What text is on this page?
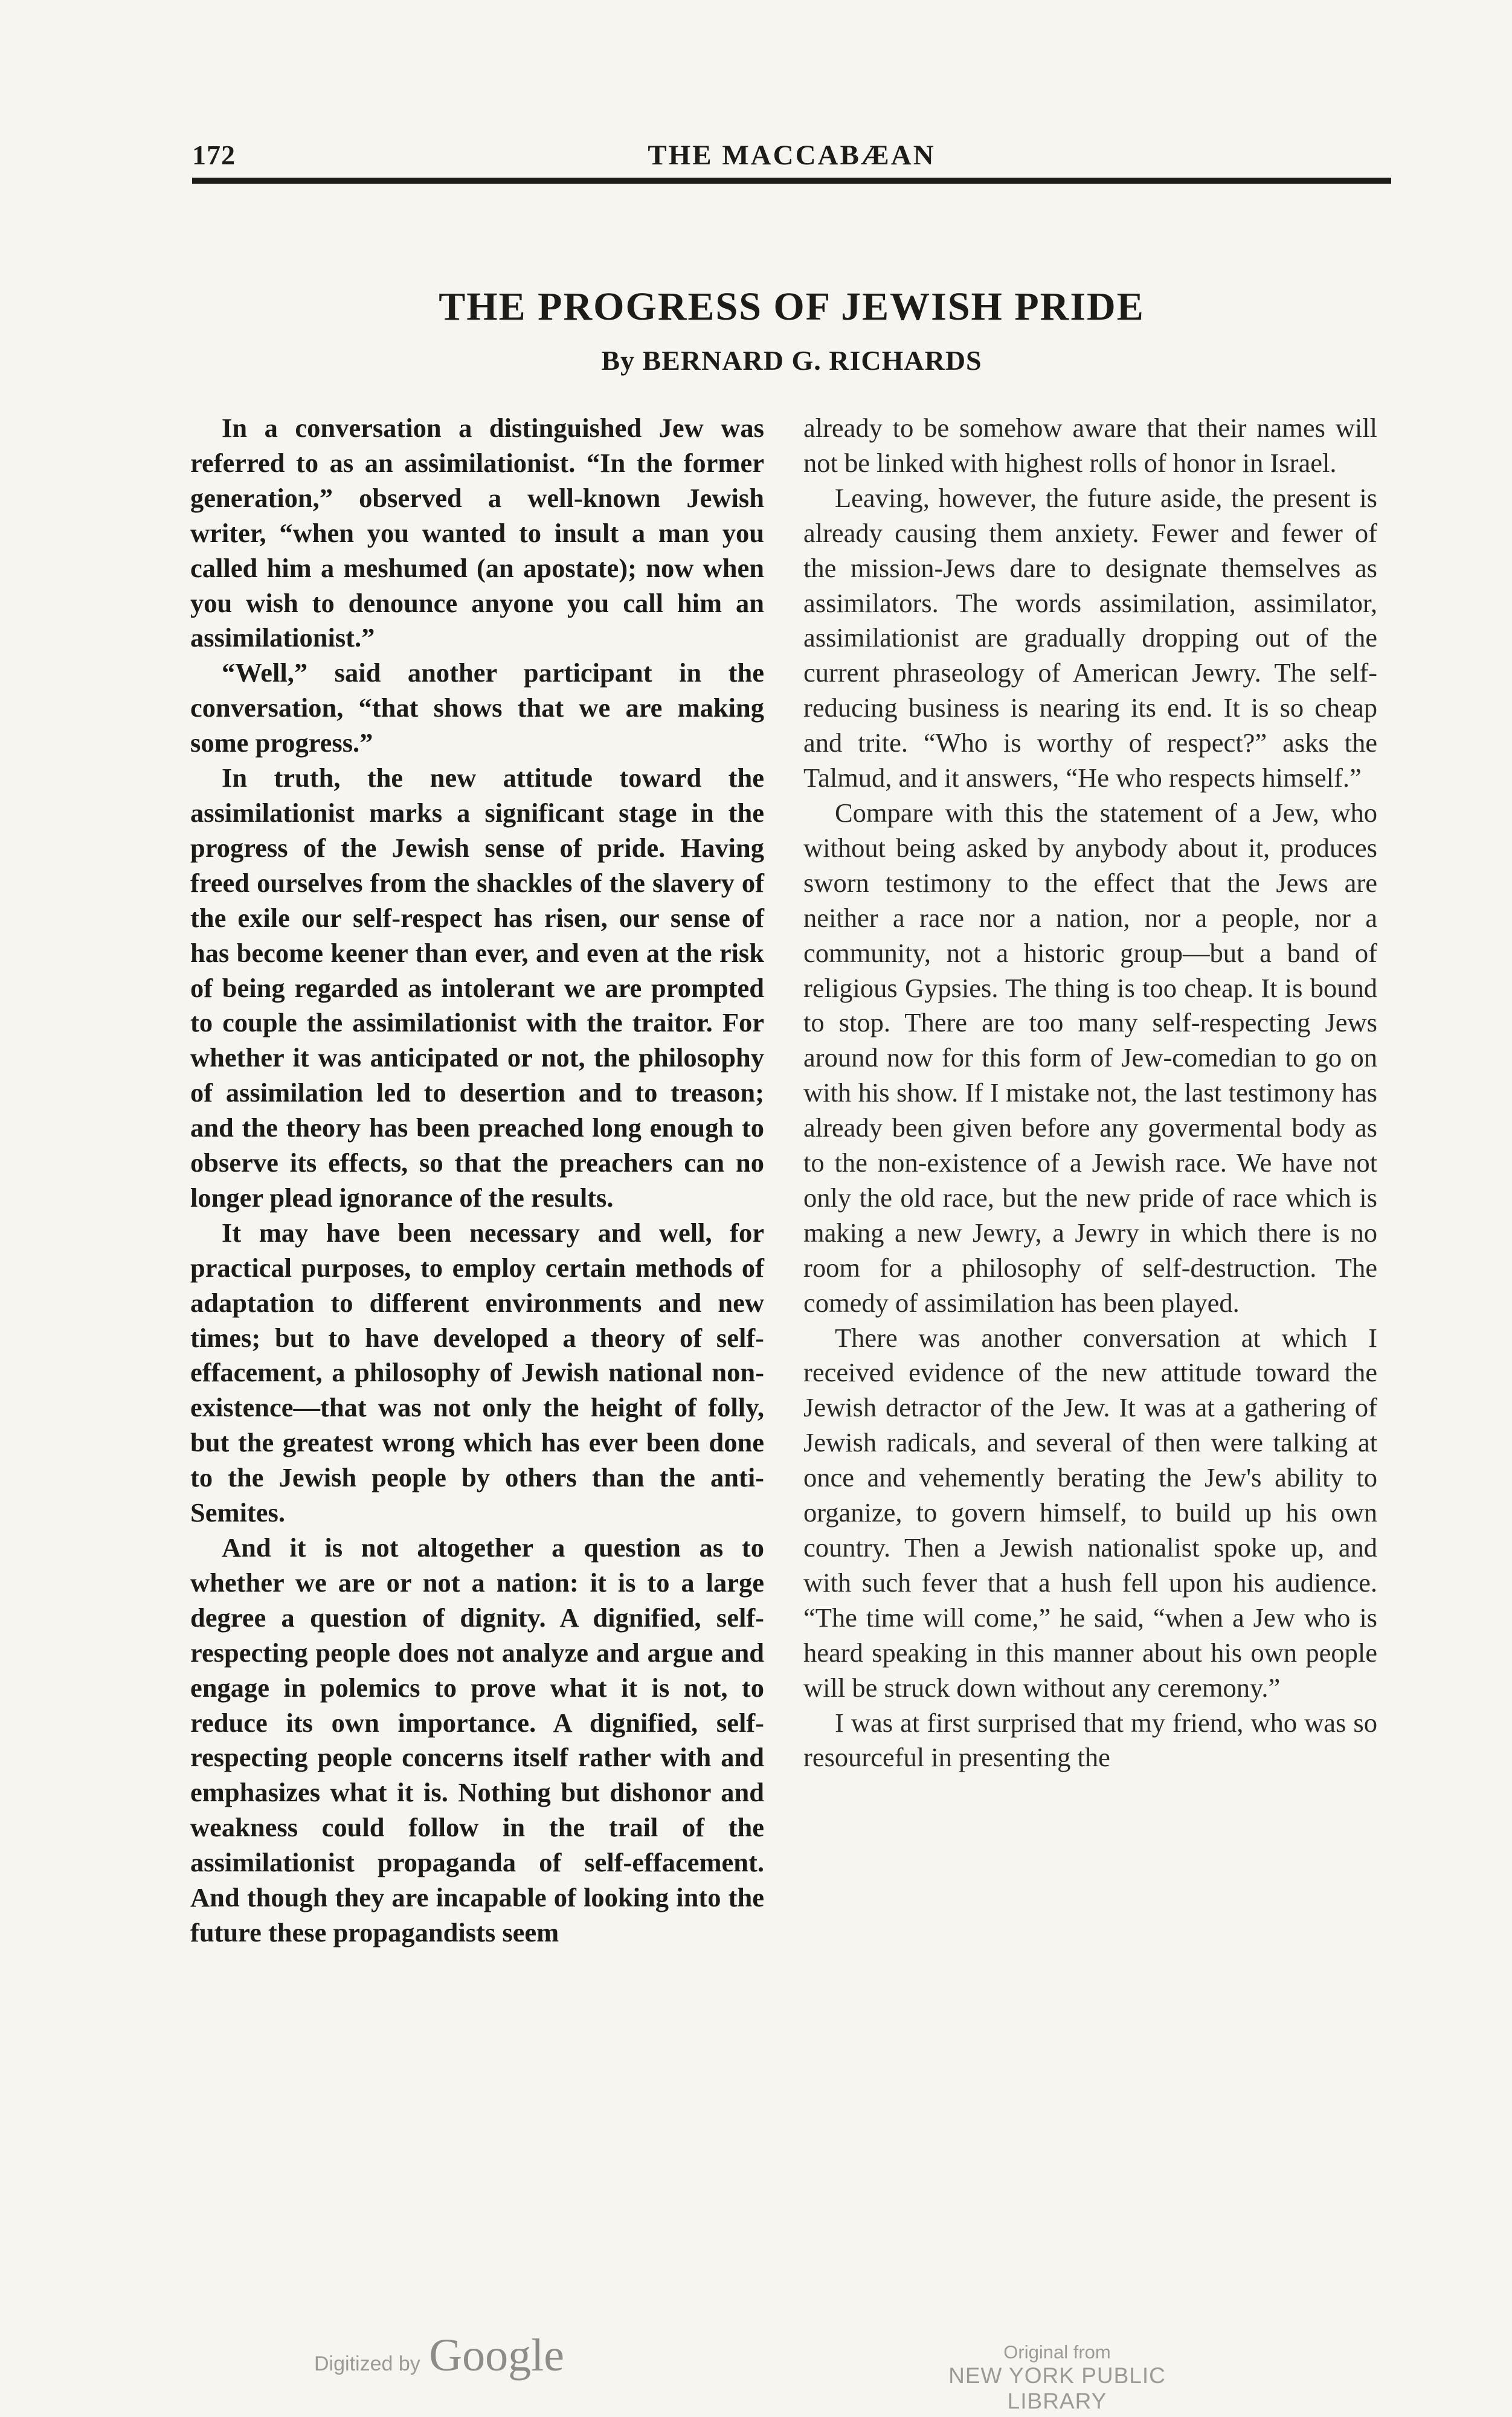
172	THE MACCABÆAN
THE PROGRESS OF JEWISH PRIDE
By BERNARD G. RICHARDS

In a conversation a distinguished Jew was referred to as an assimilationist. “In the former generation,” observed a well-known Jewish writer, “when you wanted to insult a man you called him a meshumed (an apostate); now when you wish to denounce anyone you call him an assimilationist.”

“Well,” said another participant in the conversation, “that shows that we are making some progress.”

In truth, the new attitude toward the assimilationist marks a significant stage in the progress of the Jewish sense of pride. Having freed ourselves from the shackles of the slavery of the exile our self-respect has risen, our sense of has become keener than ever, and even at the risk of being regarded as intolerant we are prompted to couple the assimilationist with the traitor. For whether it was anticipated or not, the philosophy of assimilation led to desertion and to treason; and the theory has been preached long enough to observe its effects, so that the preachers can no longer plead ignorance of the results.

It may have been necessary and well, for practical purposes, to employ certain methods of adaptation to different environments and new times; but to have developed a theory of self-effacement, a philosophy of Jewish national non-existence—that was not only the height of folly, but the greatest wrong which has ever been done to the Jewish people by others than the anti-Semites.

And it is not altogether a question as to whether we are or not a nation: it is to a large degree a question of dignity. A dignified, self-respecting people does not analyze and argue and engage in polemics to prove what it is not, to reduce its own importance. A dignified, self-respecting people concerns itself rather with and emphasizes what it is. Nothing but dishonor and weakness could follow in the trail of the assimilationist propaganda of self-effacement. And though they are incapable of looking into the future these propagandists seem

already to be somehow aware that their names will not be linked with highest rolls of honor in Israel.

Leaving, however, the future aside, the present is already causing them anxiety. Fewer and fewer of the mission-Jews dare to designate themselves as assimilators. The words assimilation, assimilator, assimilationist are gradually dropping out of the current phraseology of American Jewry. The self-reducing business is nearing its end. It is so cheap and trite. “Who is worthy of respect?” asks the Talmud, and it answers, “He who respects himself.”

Compare with this the statement of a Jew, who without being asked by anybody about it, produces sworn testimony to the effect that the Jews are neither a race nor a nation, nor a people, nor a community, not a historic group—but a band of religious Gypsies. The thing is too cheap. It is bound to stop. There are too many self-respecting Jews around now for this form of Jew-comedian to go on with his show. If I mistake not, the last testimony has already been given before any govermental body as to the non-existence of a Jewish race. We have not only the old race, but the new pride of race which is making a new Jewry, a Jewry in which there is no room for a philosophy of self-destruction. The comedy of assimilation has been played.

There was another conversation at which I received evidence of the new attitude toward the Jewish detractor of the Jew. It was at a gathering of Jewish radicals, and several of then were talking at once and vehemently berating the Jew's ability to organize, to govern himself, to build up his own country. Then a Jewish nationalist spoke up, and with such fever that a hush fell upon his audience. “The time will come,” he said, “when a Jew who is heard speaking in this manner about his own people will be struck down without any ceremony.”

I was at first surprised that my friend, who was so resourceful in presenting the

Digitized by Google	Original from
NEW YORK PUBLIC LIBRARY
